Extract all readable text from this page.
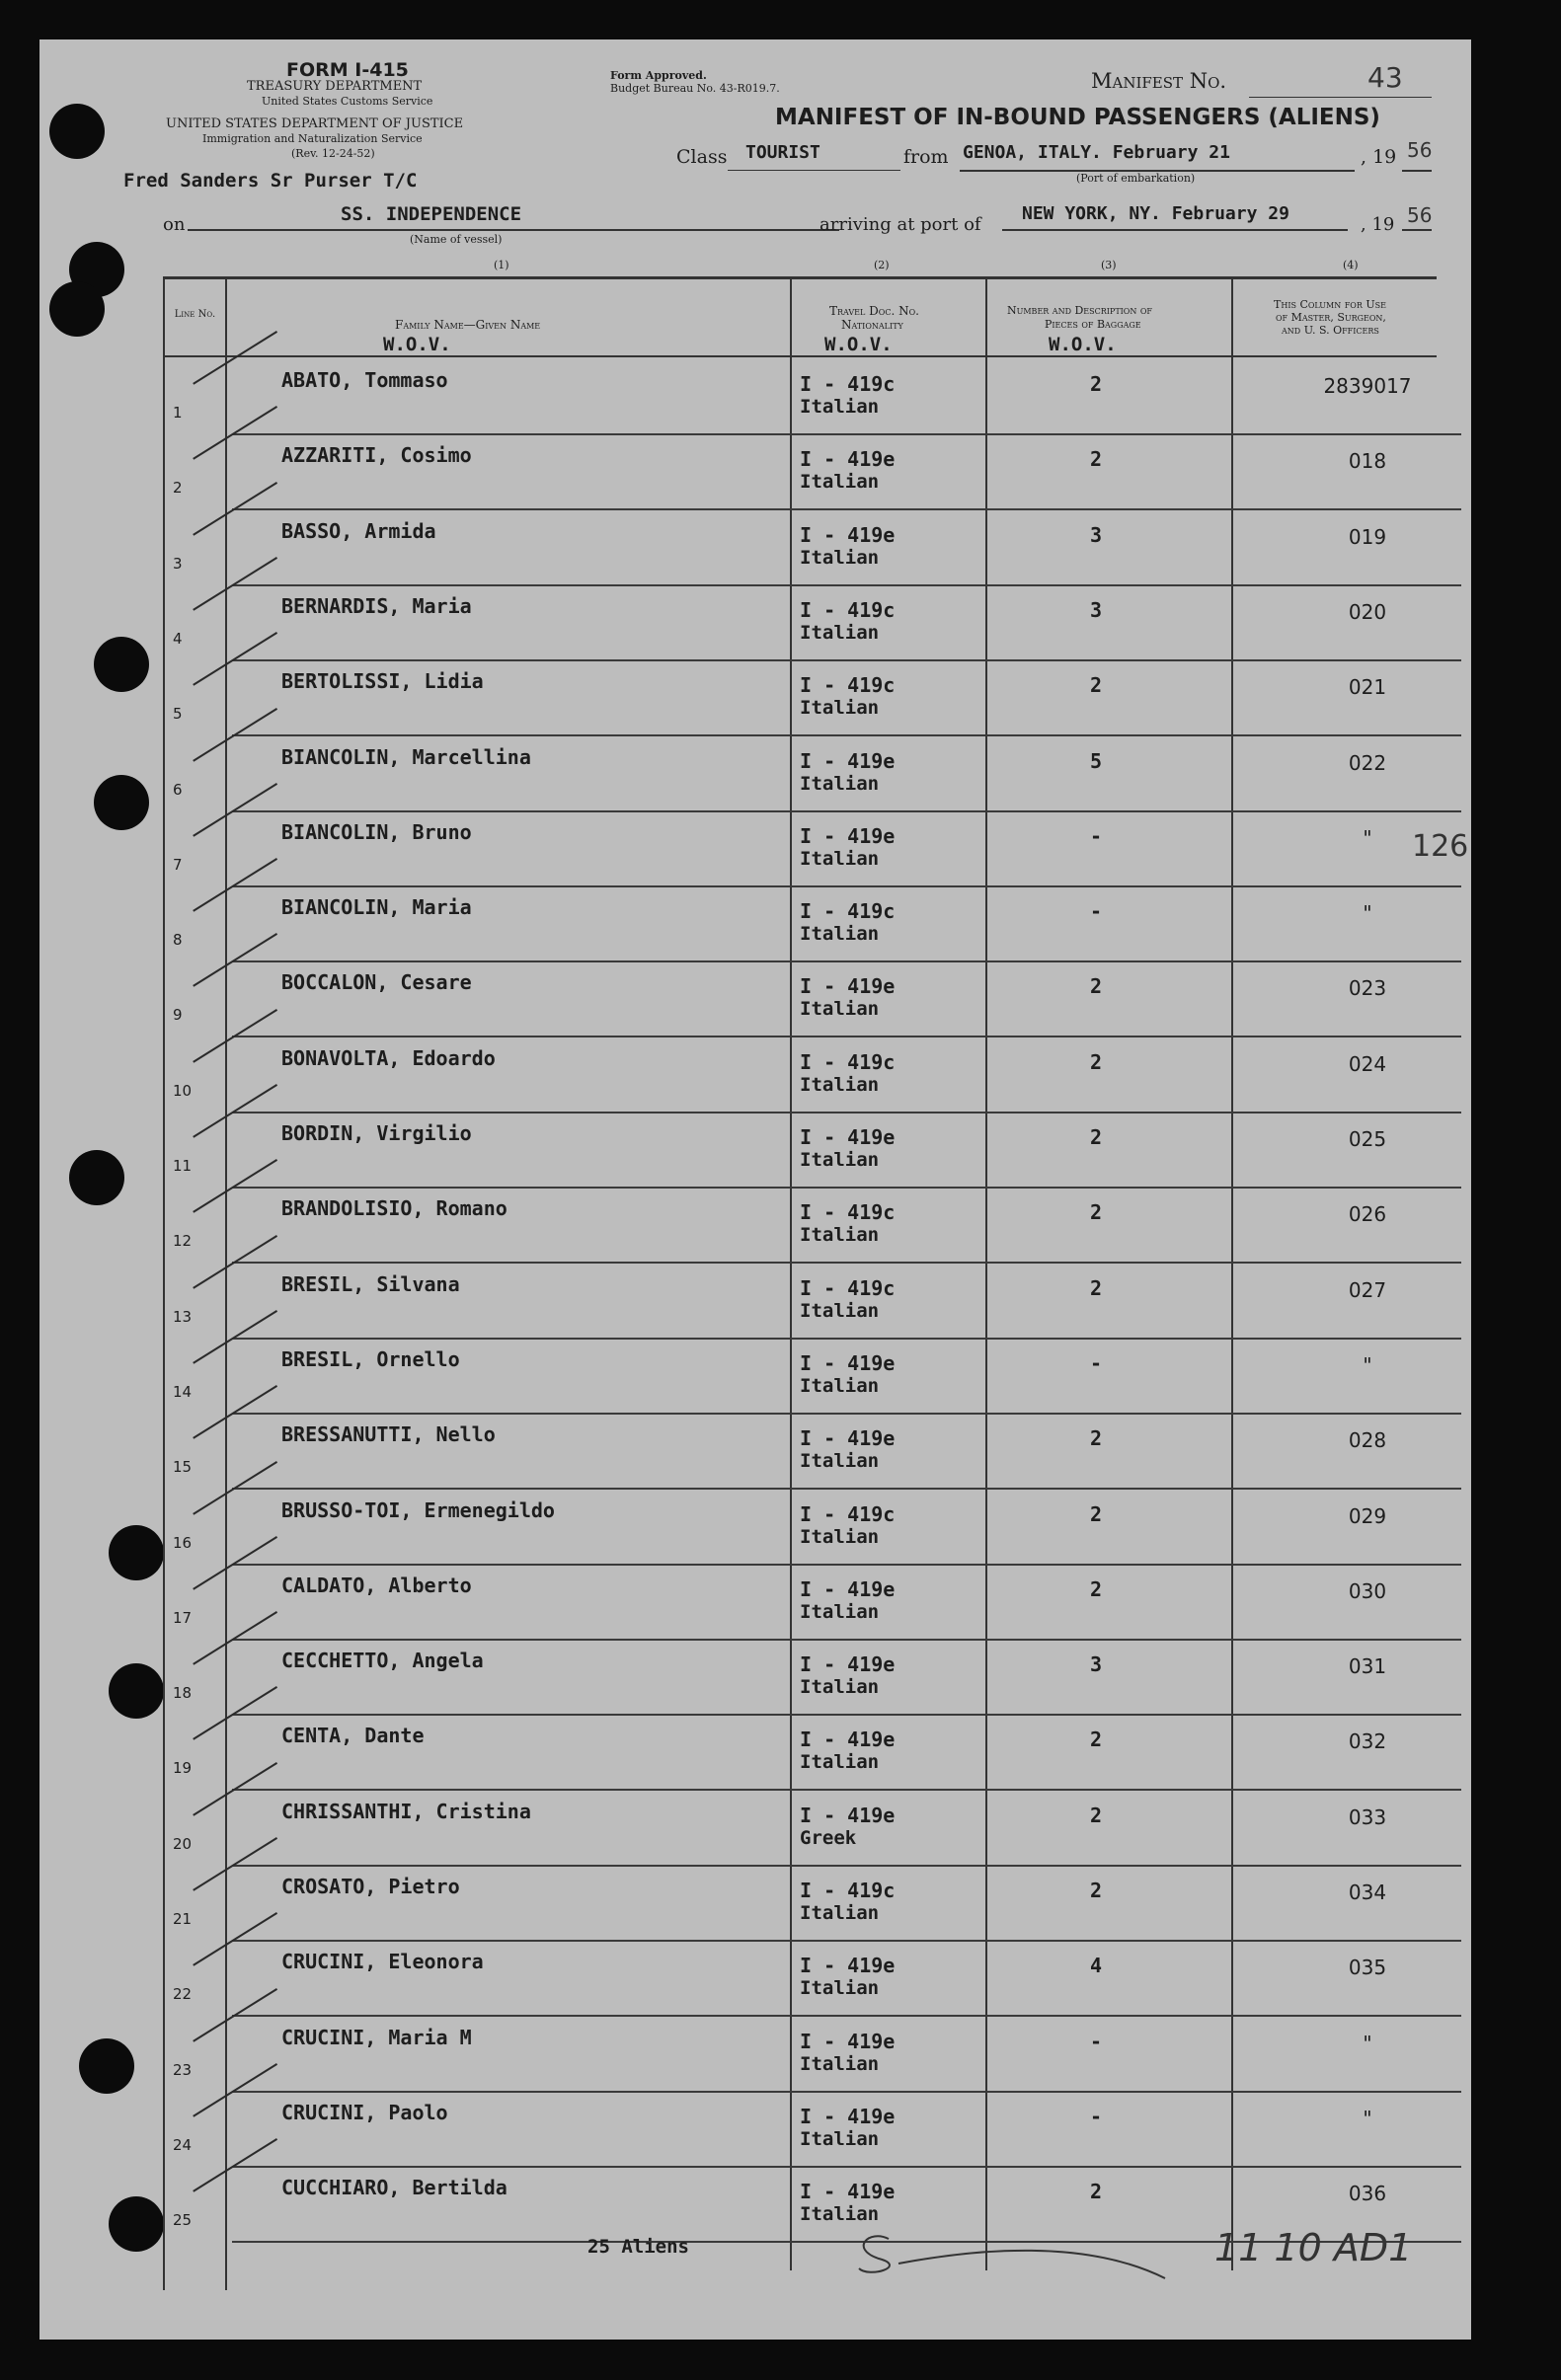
FORM I-415
TREASURY DEPARTMENT
United States Customs Service
UNITED STATES DEPARTMENT OF JUSTICE
Immigration and Naturalization Service
(Rev. 12-24-52)
Fred Sanders Sr Purser T/C
Form Approved.
Budget Bureau No. 43-R019.7.	Manifest No.	43
MANIFEST OF IN-BOUND PASSENGERS (ALIENS)
Class TOURIST	from GENOA, ITALY. February 21	, 19 56
(Port of embarkation)
on	SS. INDEPENDENCE
(Name of vessel)
arriving at port of
NEW YORK, NY. February 29
, 19 56
(1)	(2)	(3)	(4)
Line No.
Family Name—Given Name
Travel Doc. No.
Nationality
Number and Description of
Pieces of Baggage
This Column for Use
of Master, Surgeon,
and U. S. Officers
W.O.V.	W.O.V.	W.O.V.
1
ABATO, Tommaso	I - 419c
Italian
2	2839017
2
AZZARITI, Cosimo	I - 419e
Italian
2	018
3
BASSO, Armida	I - 419e
Italian
3	019
4
BERNARDIS, Maria	I - 419c
Italian
3	020
5
BERTOLISSI, Lidia	I - 419c
Italian
2	021
6
BIANCOLIN, Marcellina	I - 419e
Italian
5	022
7
BIANCOLIN, Bruno	I - 419e
Italian
-	"
8
BIANCOLIN, Maria	I - 419c
Italian
-	"
9
BOCCALON, Cesare	I - 419e
Italian
2	023
10
BONAVOLTA, Edoardo	I - 419c
Italian
2	024
11
BORDIN, Virgilio	I - 419e
Italian
2	025
12
BRANDOLISIO, Romano	I - 419c
Italian
2	026
13
BRESIL, Silvana	I - 419c
Italian
2	027
14
BRESIL, Ornello	I - 419e
Italian
-	"
15
BRESSANUTTI, Nello	I - 419e
Italian
2	028
16
BRUSSO-TOI, Ermenegildo	I - 419c
Italian
2	029
17
CALDATO, Alberto	I - 419e
Italian
2	030
18
CECCHETTO, Angela	I - 419e
Italian
3	031
19
CENTA, Dante	I - 419e
Italian
2	032
20
CHRISSANTHI, Cristina	I - 419e
Greek
2	033
21
CROSATO, Pietro	I - 419c
Italian
2	034
22
CRUCINI, Eleonora	I - 419e
Italian
4	035
23
CRUCINI, Maria M	I - 419e
Italian
-	"
24
CRUCINI, Paolo	I - 419e
Italian
-	"
25
CUCCHIARO, Bertilda	I - 419e
Italian
2	036
126
25 Aliens	11 10 AD1
